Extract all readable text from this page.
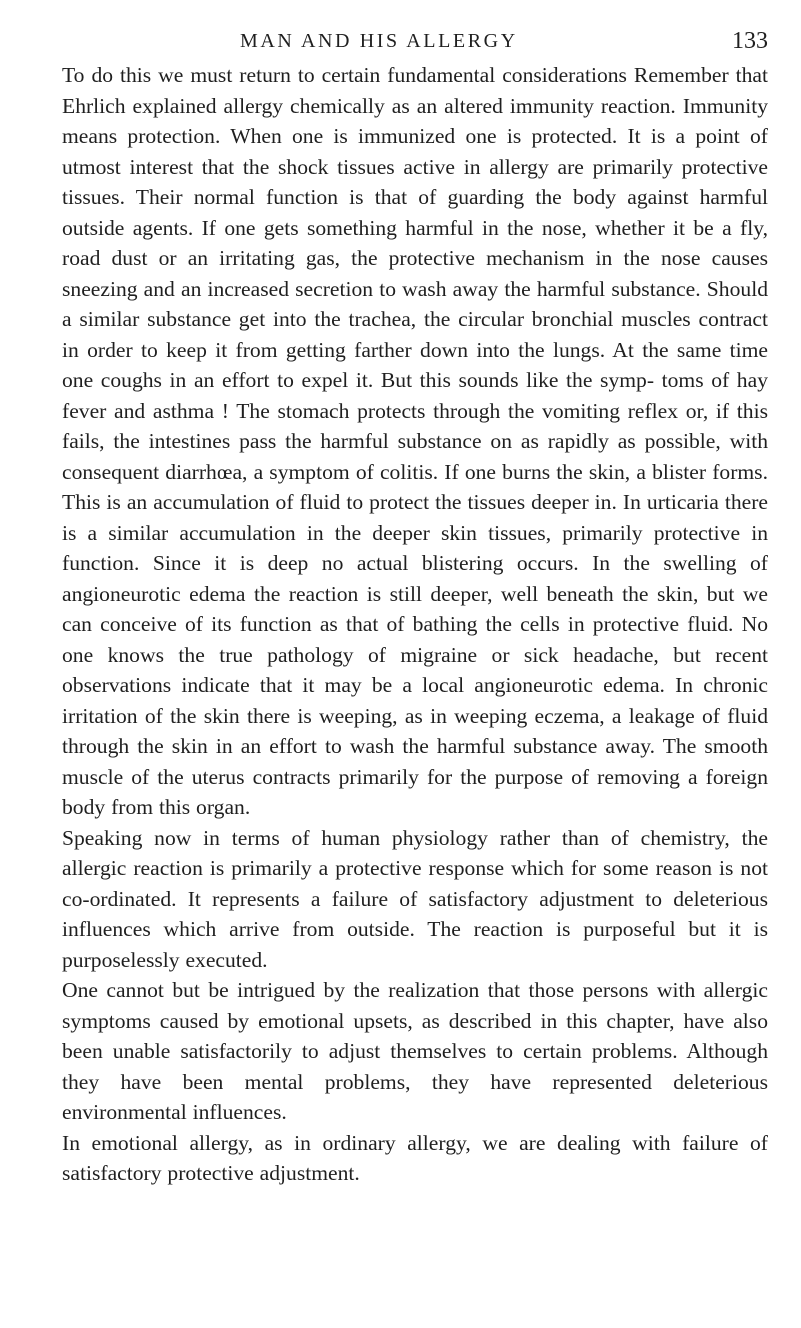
MAN AND HIS ALLERGY	133

To do this we must return to certain fundamental considerations Remember that Ehrlich explained allergy chemically as an altered immunity reaction. Immunity means protection. When one is immunized one is protected. It is a point of utmost interest that the shock tissues active in allergy are primarily protective tissues. Their normal function is that of guarding the body against harmful outside agents. If one gets something harmful in the nose, whether it be a fly, road dust or an irritating gas, the protective mechanism in the nose causes sneezing and an increased secretion to wash away the harmful substance. Should a similar substance get into the trachea, the circular bronchial muscles contract in order to keep it from getting farther down into the lungs. At the same time one coughs in an effort to expel it. But this sounds like the symp- toms of hay fever and asthma ! The stomach protects through the vomiting reflex or, if this fails, the intestines pass the harmful substance on as rapidly as possible, with consequent diarrhœa, a symptom of colitis. If one burns the skin, a blister forms. This is an accumulation of fluid to protect the tissues deeper in. In urticaria there is a similar accumulation in the deeper skin tissues, primarily protective in function. Since it is deep no actual blistering occurs. In the swelling of angioneurotic edema the reaction is still deeper, well beneath the skin, but we can conceive of its function as that of bathing the cells in protective fluid. No one knows the true pathology of migraine or sick headache, but recent observations indicate that it may be a local angioneurotic edema. In chronic irritation of the skin there is weeping, as in weeping eczema, a leakage of fluid through the skin in an effort to wash the harmful substance away. The smooth muscle of the uterus contracts primarily for the purpose of removing a foreign body from this organ.

Speaking now in terms of human physiology rather than of chemistry, the allergic reaction is primarily a protective response which for some reason is not co-ordinated. It represents a failure of satisfactory adjustment to deleterious influences which arrive from outside. The reaction is purposeful but it is purposelessly executed.

One cannot but be intrigued by the realization that those persons with allergic symptoms caused by emotional upsets, as described in this chapter, have also been unable satisfactorily to adjust themselves to certain problems. Although they have been mental problems, they have represented deleterious environmental influences.

In emotional allergy, as in ordinary allergy, we are dealing with failure of satisfactory protective adjustment.
